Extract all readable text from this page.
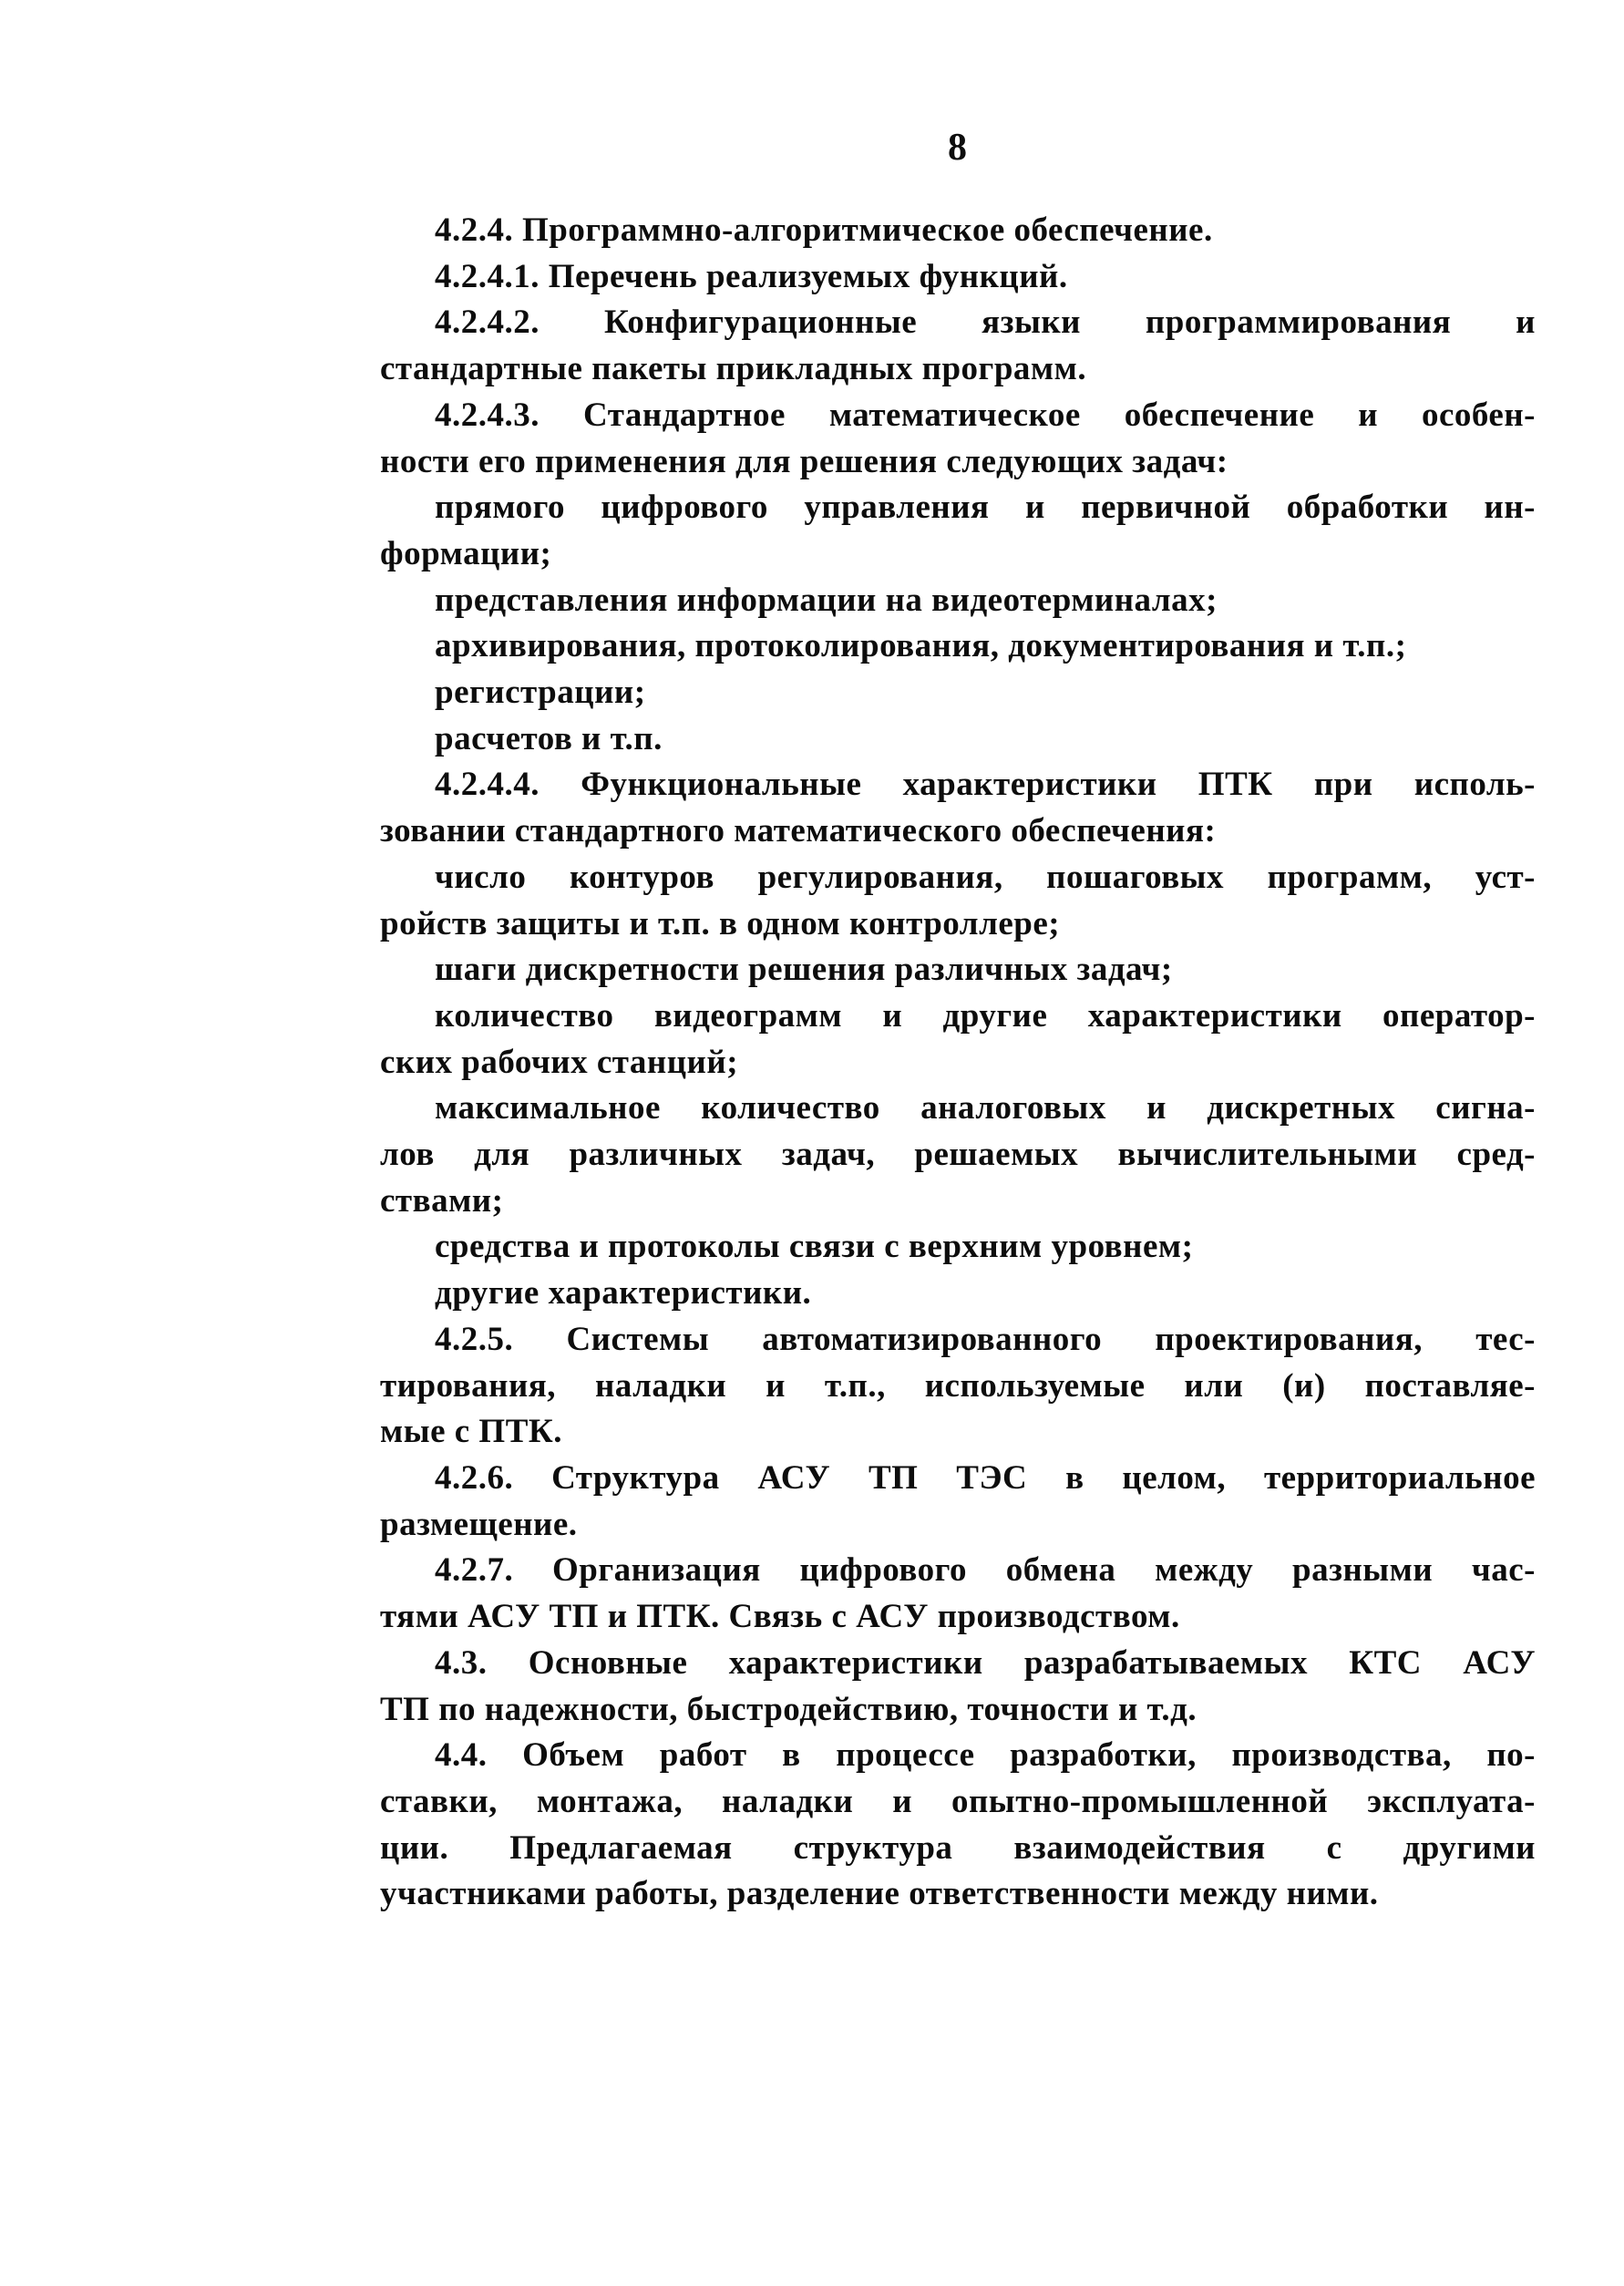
8
4.2.4. Программно-алгоритмическое обеспечение.
4.2.4.1. Перечень реализуемых функций.
4.2.4.2. Конфигурационные языки программирования и
стандартные пакеты прикладных программ.
4.2.4.3. Стандартное математическое обеспечение и особен-
ности его применения для решения следующих задач:
прямого цифрового управления и первичной обработки ин-
формации;
представления информации на видеотерминалах;
архивирования, протоколирования, документирования и т.п.;
регистрации;
расчетов и т.п.
4.2.4.4. Функциональные характеристики ПТК при исполь-
зовании стандартного математического обеспечения:
число контуров регулирования, пошаговых программ, уст-
ройств защиты и т.п. в одном контроллере;
шаги дискретности решения различных задач;
количество видеограмм и другие характеристики оператор-
ских рабочих станций;
максимальное количество аналоговых и дискретных сигна-
лов для различных задач, решаемых вычислительными сред-
ствами;
средства и протоколы связи с верхним уровнем;
другие характеристики.
4.2.5. Системы автоматизированного проектирования, тес-
тирования, наладки и т.п., используемые или (и) поставляе-
мые с ПТК.
4.2.6. Структура АСУ ТП ТЭС в целом, территориальное
размещение.
4.2.7. Организация цифрового обмена между разными час-
тями АСУ ТП и ПТК. Связь с АСУ производством.
4.3. Основные характеристики разрабатываемых КТС АСУ
ТП по надежности, быстродействию, точности и т.д.
4.4. Объем работ в процессе разработки, производства, по-
ставки, монтажа, наладки и опытно-промышленной эксплуата-
ции. Предлагаемая структура взаимодействия с другими
участниками работы, разделение ответственности между ними.
